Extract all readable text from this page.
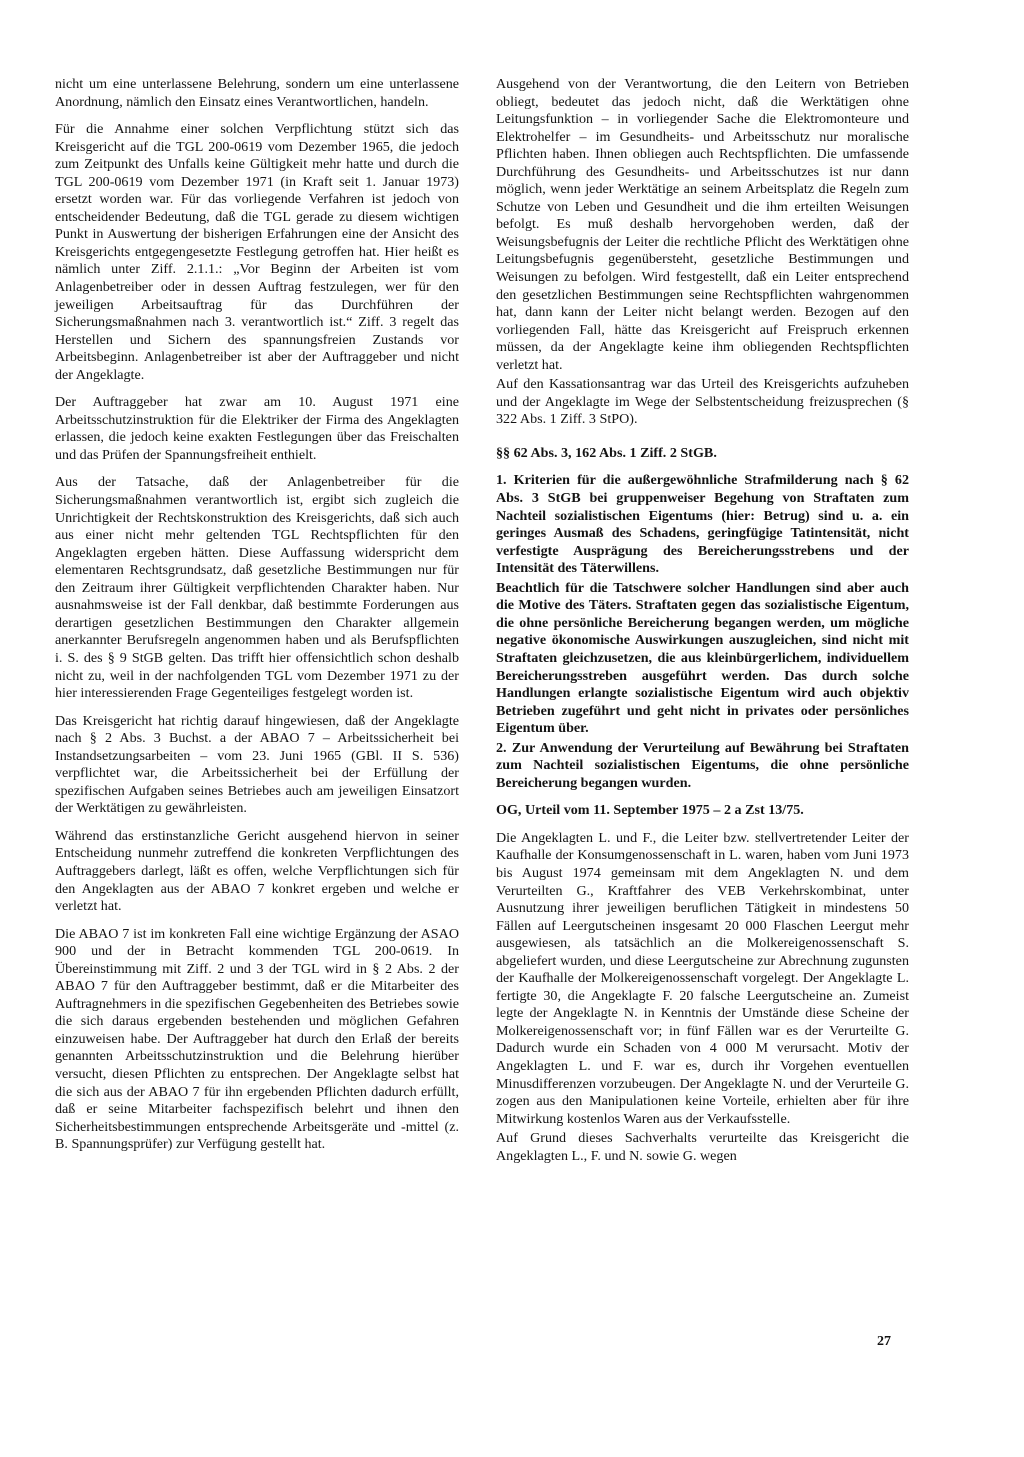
nicht um eine unterlassene Belehrung, sondern um eine unterlassene Anordnung, nämlich den Einsatz eines Verantwortlichen, handeln.

Für die Annahme einer solchen Verpflichtung stützt sich das Kreisgericht auf die TGL 200-0619 vom Dezember 1965, die jedoch zum Zeitpunkt des Unfalls keine Gültigkeit mehr hatte und durch die TGL 200-0619 vom Dezember 1971 (in Kraft seit 1. Januar 1973) ersetzt worden war. Für das vorliegende Verfahren ist jedoch von entscheidender Bedeutung, daß die TGL gerade zu diesem wichtigen Punkt in Auswertung der bisherigen Erfahrungen eine der Ansicht des Kreisgerichts entgegengesetzte Festlegung getroffen hat. Hier heißt es nämlich unter Ziff. 2.1.1.: „Vor Beginn der Arbeiten ist vom Anlagenbetreiber oder in dessen Auftrag festzulegen, wer für den jeweiligen Arbeitsauftrag für das Durchführen der Sicherungsmaßnahmen nach 3. verantwortlich ist.“ Ziff. 3 regelt das Herstellen und Sichern des spannungsfreien Zustands vor Arbeitsbeginn. Anlagenbetreiber ist aber der Auftraggeber und nicht der Angeklagte.

Der Auftraggeber hat zwar am 10. August 1971 eine Arbeitsschutzinstruktion für die Elektriker der Firma des Angeklagten erlassen, die jedoch keine exakten Festlegungen über das Freischalten und das Prüfen der Spannungsfreiheit enthielt.

Aus der Tatsache, daß der Anlagenbetreiber für die Sicherungsmaßnahmen verantwortlich ist, ergibt sich zugleich die Unrichtigkeit der Rechtskonstruktion des Kreisgerichts, daß sich auch aus einer nicht mehr geltenden TGL Rechtspflichten für den Angeklagten ergeben hätten. Diese Auffassung widerspricht dem elementaren Rechtsgrundsatz, daß gesetzliche Bestimmungen nur für den Zeitraum ihrer Gültigkeit verpflichtenden Charakter haben. Nur ausnahmsweise ist der Fall denkbar, daß bestimmte Forderungen aus derartigen gesetzlichen Bestimmungen den Charakter allgemein anerkannter Berufsregeln angenommen haben und als Berufspflichten i. S. des § 9 StGB gelten. Das trifft hier offensichtlich schon deshalb nicht zu, weil in der nachfolgenden TGL vom Dezember 1971 zu der hier interessierenden Frage Gegenteiliges festgelegt worden ist.

Das Kreisgericht hat richtig darauf hingewiesen, daß der Angeklagte nach § 2 Abs. 3 Buchst. a der ABAO 7 – Arbeitssicherheit bei Instandsetzungsarbeiten – vom 23. Juni 1965 (GBl. II S. 536) verpflichtet war, die Arbeitssicherheit bei der Erfüllung der spezifischen Aufgaben seines Betriebes auch am jeweiligen Einsatzort der Werktätigen zu gewährleisten.

Während das erstinstanzliche Gericht ausgehend hiervon in seiner Entscheidung nunmehr zutreffend die konkreten Verpflichtungen des Auftraggebers darlegt, läßt es offen, welche Verpflichtungen sich für den Angeklagten aus der ABAO 7 konkret ergeben und welche er verletzt hat.

Die ABAO 7 ist im konkreten Fall eine wichtige Ergänzung der ASAO 900 und der in Betracht kommenden TGL 200-0619. In Übereinstimmung mit Ziff. 2 und 3 der TGL wird in § 2 Abs. 2 der ABAO 7 für den Auftraggeber bestimmt, daß er die Mitarbeiter des Auftragnehmers in die spezifischen Gegebenheiten des Betriebes sowie die sich daraus ergebenden bestehenden und möglichen Gefahren einzuweisen habe. Der Auftraggeber hat durch den Erlaß der bereits genannten Arbeitsschutzinstruktion und die Belehrung hierüber versucht, diesen Pflichten zu entsprechen. Der Angeklagte selbst hat die sich aus der ABAO 7 für ihn ergebenden Pflichten dadurch erfüllt, daß er seine Mitarbeiter fachspezifisch belehrt und ihnen den Sicherheitsbestimmungen entsprechende Arbeitsgeräte und -mittel (z. B. Spannungsprüfer) zur Verfügung gestellt hat.

Ausgehend von der Verantwortung, die den Leitern von Betrieben obliegt, bedeutet das jedoch nicht, daß die Werktätigen ohne Leitungsfunktion – in vorliegender Sache die Elektromonteure und Elektrohelfer – im Gesundheits- und Arbeitsschutz nur moralische Pflichten haben. Ihnen obliegen auch Rechtspflichten. Die umfassende Durchführung des Gesundheits- und Arbeitsschutzes ist nur dann möglich, wenn jeder Werktätige an seinem Arbeitsplatz die Regeln zum Schutze von Leben und Gesundheit und die ihm erteilten Weisungen befolgt. Es muß deshalb hervorgehoben werden, daß der Weisungsbefugnis der Leiter die rechtliche Pflicht des Werktätigen ohne Leitungsbefugnis gegenübersteht, gesetzliche Bestimmungen und Weisungen zu befolgen. Wird festgestellt, daß ein Leiter entsprechend den gesetzlichen Bestimmungen seine Rechtspflichten wahrgenommen hat, dann kann der Leiter nicht belangt werden. Bezogen auf den vorliegenden Fall, hätte das Kreisgericht auf Freispruch erkennen müssen, da der Angeklagte keine ihm obliegenden Rechtspflichten verletzt hat.

Auf den Kassationsantrag war das Urteil des Kreisgerichts aufzuheben und der Angeklagte im Wege der Selbstentscheidung freizusprechen (§ 322 Abs. 1 Ziff. 3 StPO).

§§ 62 Abs. 3, 162 Abs. 1 Ziff. 2 StGB.

1. Kriterien für die außergewöhnliche Strafmilderung nach § 62 Abs. 3 StGB bei gruppenweiser Begehung von Straftaten zum Nachteil sozialistischen Eigentums (hier: Betrug) sind u. a. ein geringes Ausmaß des Schadens, geringfügige Tatintensität, nicht verfestigte Ausprägung des Bereicherungsstrebens und der Intensität des Täterwillens.

Beachtlich für die Tatschwere solcher Handlungen sind aber auch die Motive des Täters. Straftaten gegen das sozialistische Eigentum, die ohne persönliche Bereicherung begangen werden, um mögliche negative ökonomische Auswirkungen auszugleichen, sind nicht mit Straftaten gleichzusetzen, die aus kleinbürgerlichem, individuellem Bereicherungsstreben ausgeführt werden. Das durch solche Handlungen erlangte sozialistische Eigentum wird auch objektiv Betrieben zugeführt und geht nicht in privates oder persönliches Eigentum über.

2. Zur Anwendung der Verurteilung auf Bewährung bei Straftaten zum Nachteil sozialistischen Eigentums, die ohne persönliche Bereicherung begangen wurden.

OG, Urteil vom 11. September 1975 – 2 a Zst 13/75.

Die Angeklagten L. und F., die Leiter bzw. stellvertretender Leiter der Kaufhalle der Konsumgenossenschaft in L. waren, haben vom Juni 1973 bis August 1974 gemeinsam mit dem Angeklagten N. und dem Verurteilten G., Kraftfahrer des VEB Verkehrskombinat, unter Ausnutzung ihrer jeweiligen beruflichen Tätigkeit in mindestens 50 Fällen auf Leergutscheinen insgesamt 20 000 Flaschen Leergut mehr ausgewiesen, als tatsächlich an die Molkereigenossenschaft S. abgeliefert wurden, und diese Leergutscheine zur Abrechnung zugunsten der Kaufhalle der Molkereigenossenschaft vorgelegt. Der Angeklagte L. fertigte 30, die Angeklagte F. 20 falsche Leergutscheine an. Zumeist legte der Angeklagte N. in Kenntnis der Umstände diese Scheine der Molkereigenossenschaft vor; in fünf Fällen war es der Verurteilte G. Dadurch wurde ein Schaden von 4 000 M verursacht. Motiv der Angeklagten L. und F. war es, durch ihr Vorgehen eventuellen Minusdifferenzen vorzubeugen. Der Angeklagte N. und der Verurteile G. zogen aus den Manipulationen keine Vorteile, erhielten aber für ihre Mitwirkung kostenlos Waren aus der Verkaufsstelle.

Auf Grund dieses Sachverhalts verurteilte das Kreisgericht die Angeklagten L., F. und N. sowie G. wegen

27
